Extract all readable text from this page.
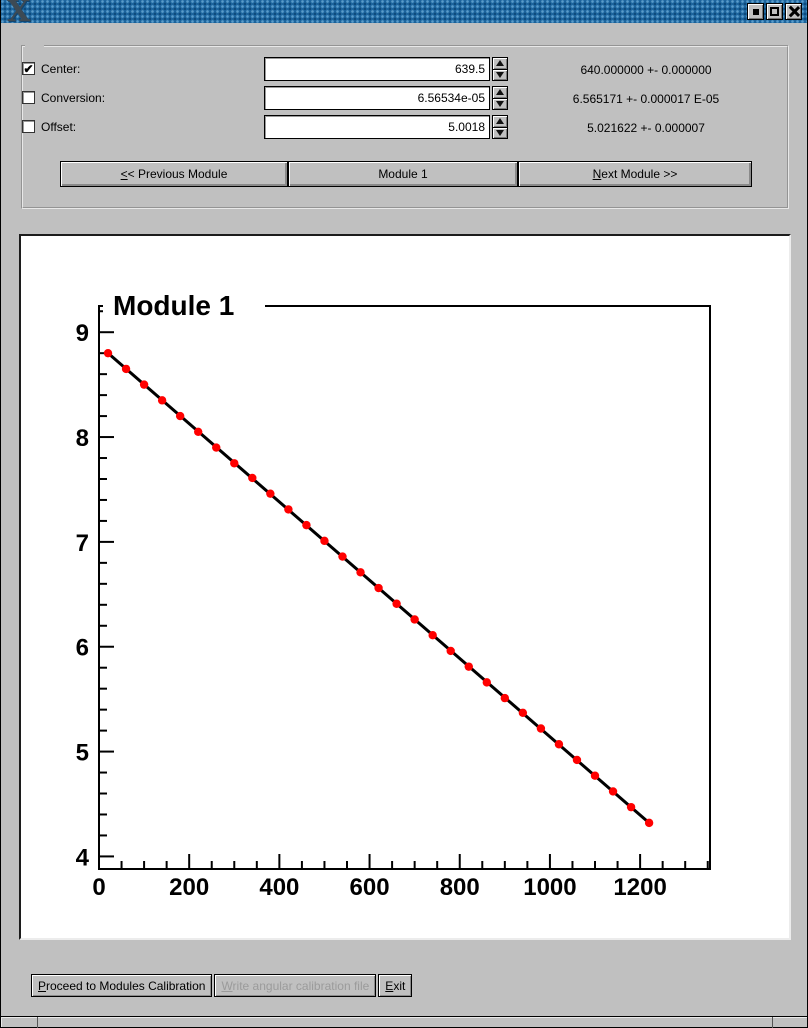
X
✔ Center:
639.5	640.000000 +- 0.000000
Conversion:
6.56534e-05	6.565171 +- 0.000017 E-05
Offset:
5.0018	5.021622 +- 0.000007
<< Previous Module	Module 1	Next Module >>
0	200 400 600 800 1000 1200
4
5
6
7
8
9
Module 1
Proceed to Modules Calibration Write angular calibration file Exit
